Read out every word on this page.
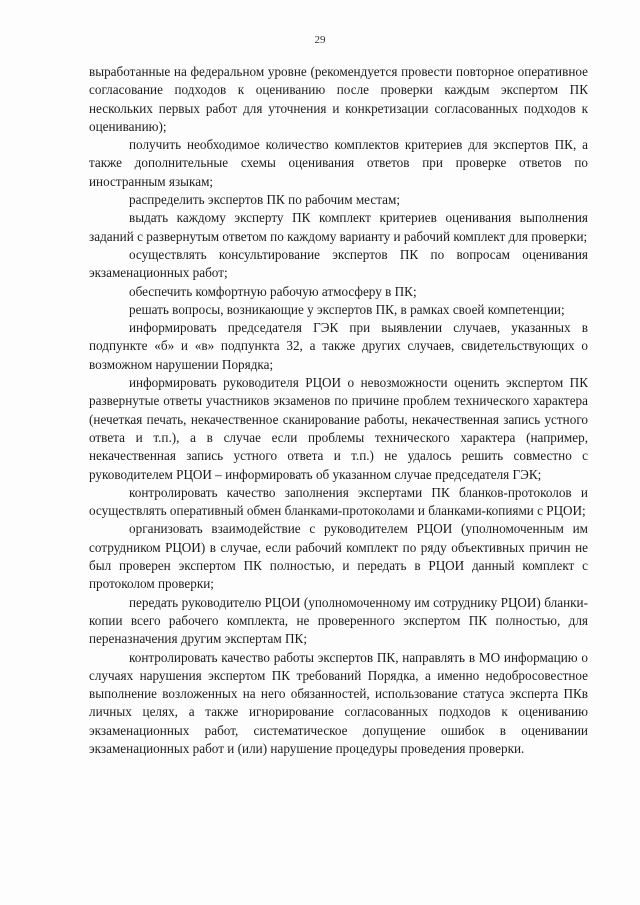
29

выработанные на федеральном уровне (рекомендуется провести повторное оперативное согласование подходов к оцениванию после проверки каждым экспертом ПК нескольких первых работ для уточнения и конкретизации согласованных подходов к оцениванию);

получить необходимое количество комплектов критериев для экспертов ПК, а также дополнительные схемы оценивания ответов при проверке ответов по иностранным языкам;

распределить экспертов ПК по рабочим местам;

выдать каждому эксперту ПК комплект критериев оценивания выполнения заданий с развернутым ответом по каждому варианту и рабочий комплект для проверки;

осуществлять консультирование экспертов ПК по вопросам оценивания экзаменационных работ;

обеспечить комфортную рабочую атмосферу в ПК;

решать вопросы, возникающие у экспертов ПК, в рамках своей компетенции;

информировать председателя ГЭК при выявлении случаев, указанных в подпункте «б» и «в» подпункта 32, а также других случаев, свидетельствующих о возможном нарушении Порядка;

информировать руководителя РЦОИ о невозможности оценить экспертом ПК развернутые ответы участников экзаменов по причине проблем технического характера (нечеткая печать, некачественное сканирование работы, некачественная запись устного ответа и т.п.), а в случае если проблемы технического характера (например, некачественная запись устного ответа и т.п.) не удалось решить совместно с руководителем РЦОИ – информировать об указанном случае председателя ГЭК;

контролировать качество заполнения экспертами ПК бланков-протоколов и осуществлять оперативный обмен бланками-протоколами и бланками-копиями с РЦОИ;

организовать взаимодействие с руководителем РЦОИ (уполномоченным им сотрудником РЦОИ) в случае, если рабочий комплект по ряду объективных причин не был проверен экспертом ПК полностью, и передать в РЦОИ данный комплект с протоколом проверки;

передать руководителю РЦОИ (уполномоченному им сотруднику РЦОИ) бланки-копии всего рабочего комплекта, не проверенного экспертом ПК полностью, для переназначения другим экспертам ПК;

контролировать качество работы экспертов ПК, направлять в МО информацию о случаях нарушения экспертом ПК требований Порядка, а именно недобросовестное выполнение возложенных на него обязанностей, использование статуса эксперта ПКв личных целях, а также игнорирование согласованных подходов к оцениванию экзаменационных работ, систематическое допущение ошибок в оценивании экзаменационных работ и (или) нарушение процедуры проведения проверки.
